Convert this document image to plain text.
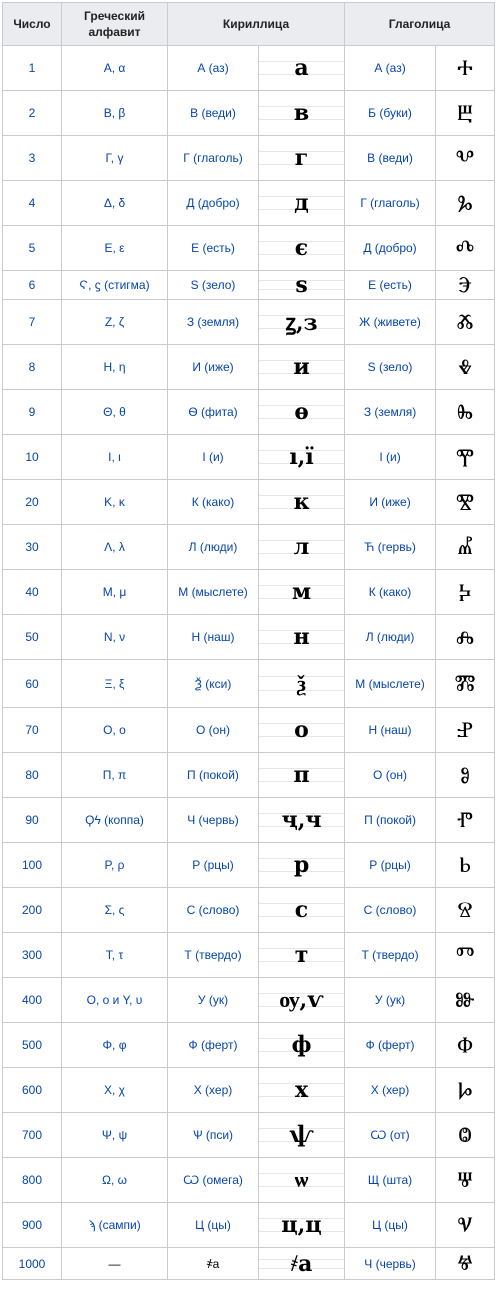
Число	Греческий алфавит	Кириллица		Глаголица	
1	Α, α	А (аз)	а	А (аз)	Ⰰ
2	Β, β	В (веди)	в	Б (буки)	Ⰱ
3	Γ, γ	Г (глаголь)	г	В (веди)	Ⰲ
4	Δ, δ	Д (добро)	д	Г (глаголь)	Ⰳ
5	Ε, ε	Е (есть)	є	Д (добро)	Ⰴ
6	Ϛ, ϛ (стигма)	S (зело)	ѕ	Е (есть)	Ⰵ
7	Ζ, ζ	З (земля)	ꙁ,з	Ж (живете)	Ⰶ
8	Η, η	И (иже)	и	S (зело)	Ⰷ
9	Θ, θ	Ѳ (фита)	ѳ	З (земля)	Ⰸ
10	Ι, ι	І (и)	ı,ї	І (и)	Ⰹ
20	Κ, κ	К (како)	к	И (иже)	Ⰺ
30	Λ, λ	Л (люди)	л	Ћ (гервь)	Ⰼ
40	Μ, μ	М (мыслете)	м	К (како)	Ⰽ
50	Ν, ν	Н (наш)	н	Л (люди)	Ⰾ
60	Ξ, ξ	Ѯ (кси)	ѯ	М (мыслете)	Ⰿ
70	Ο, ο	О (он)	о	Н (наш)	Ⱀ
80	Π, π	П (покой)	п	О (он)	Ⱁ
90	Ϙϟ (коппа)	Ч (червь)	ҷ,ч	П (покой)	Ⱂ
100	Ρ, ρ	Р (рцы)	р	Р (рцы)	Ⱃ
200	Σ, ς	С (слово)	с	С (слово)	Ⱄ
300	Τ, τ	Т (твердо)	т	Т (твердо)	Ⱅ
400	Ο, ο и Υ, υ	У (ук)	ѹ,ѵ	У (ук)	Ⱆ
500	Φ, φ	Ф (ферт)	ф	Ф (ферт)	Ⱇ
600	Χ, χ	Х (хер)	х	Х (хер)	Ⱈ
700	Ψ, ψ	Ѱ (пси)	ѱ	Ѡ (от)	Ⱉ
800	Ω, ω	Ѡ (омега)	ѡ	Щ (шта)	Ⱋ
900	ϡ (сампи)	Ц (цы)	ц,ц	Ц (цы)	Ⱌ
1000	—	҂а	҂а	Ч (червь)	Ⱍ
